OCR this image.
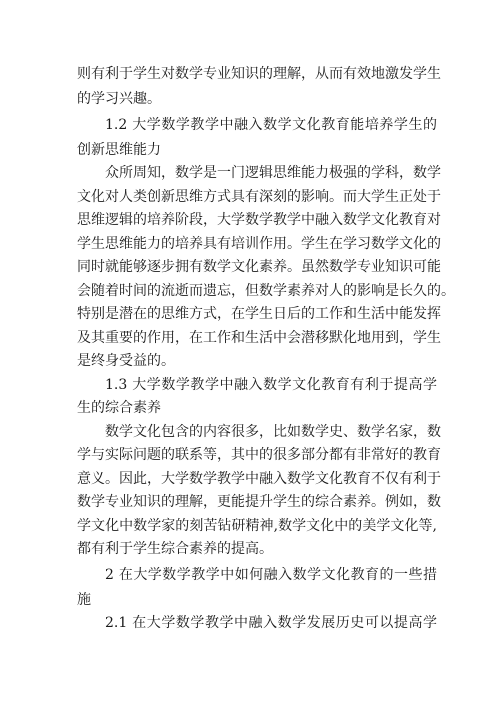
则有利于学生对数学专业知识的理解，从而有效地激发学生
的学习兴趣。
1.2 大学数学教学中融入数学文化教育能培养学生的
创新思维能力
众所周知，数学是一门逻辑思维能力极强的学科，数学
文化对人类创新思维方式具有深刻的影响。而大学生正处于
思维逻辑的培养阶段，大学数学教学中融入数学文化教育对
学生思维能力的培养具有培训作用。学生在学习数学文化的
同时就能够逐步拥有数学文化素养。虽然数学专业知识可能
会随着时间的流逝而遗忘，但数学素养对人的影响是长久的。
特别是潜在的思维方式，在学生日后的工作和生活中能发挥
及其重要的作用，在工作和生活中会潜移默化地用到，学生
是终身受益的。
1.3 大学数学教学中融入数学文化教育有利于提高学
生的综合素养
数学文化包含的内容很多，比如数学史、数学名家，数
学与实际问题的联系等，其中的很多部分都有非常好的教育
意义。因此，大学数学教学中融入数学文化教育不仅有利于
数学专业知识的理解，更能提升学生的综合素养。例如，数
学文化中数学家的刻苦钻研精神,数学文化中的美学文化等,
都有利于学生综合素养的提高。
2 在大学数学教学中如何融入数学文化教育的一些措
施
2.1 在大学数学教学中融入数学发展历史可以提高学
